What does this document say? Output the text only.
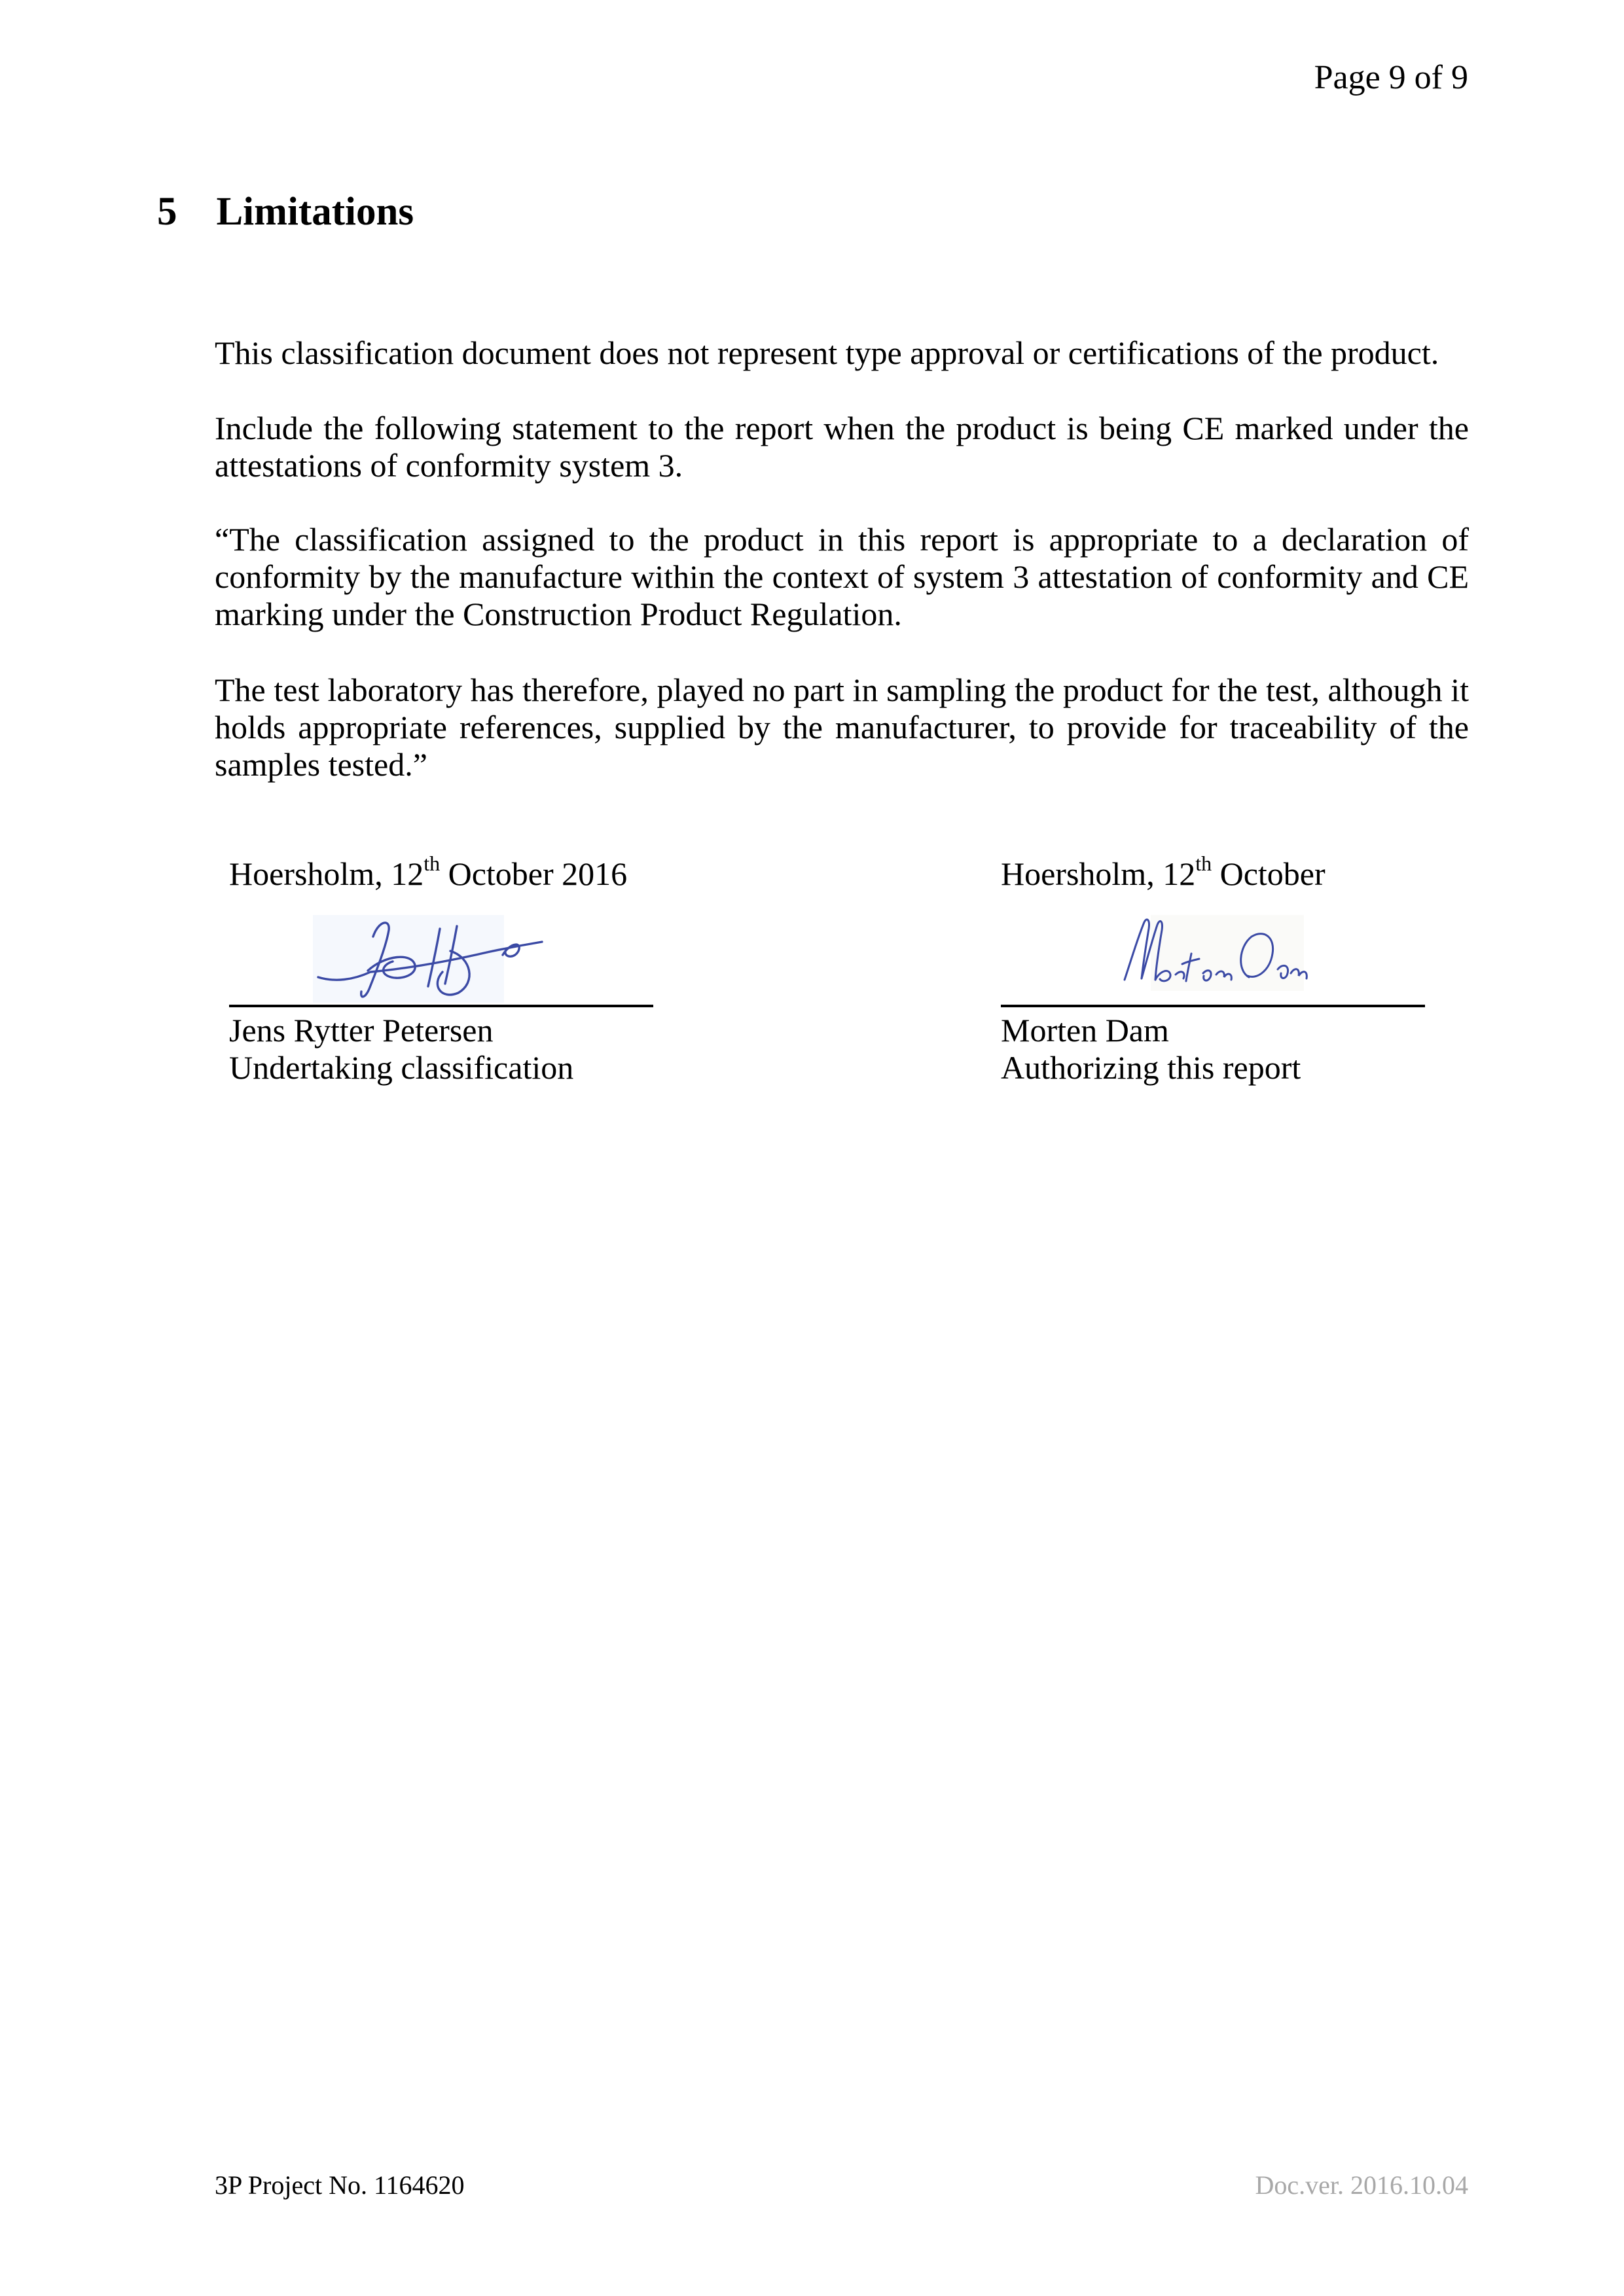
Page 9 of 9
5 Limitations
This classification document does not represent type approval or certifications of the product.
Include the following statement to the report when the product is being CE marked under the attestations of conformity system 3.
“The classification assigned to the product in this report is appropriate to a declaration of conformity by the manufacture within the context of system 3 attestation of conformity and CE marking under the Construction Product Regulation.
The test laboratory has therefore, played no part in sampling the product for the test, although it holds appropriate references, supplied by the manufacturer, to provide for traceability of the samples tested.”
Hoersholm, 12th October 2016	Hoersholm, 12th October
Jens Rytter Petersen
Undertaking classification
Morten Dam
Authorizing this report
3P Project No. 1164620	Doc.ver. 2016.10.04
